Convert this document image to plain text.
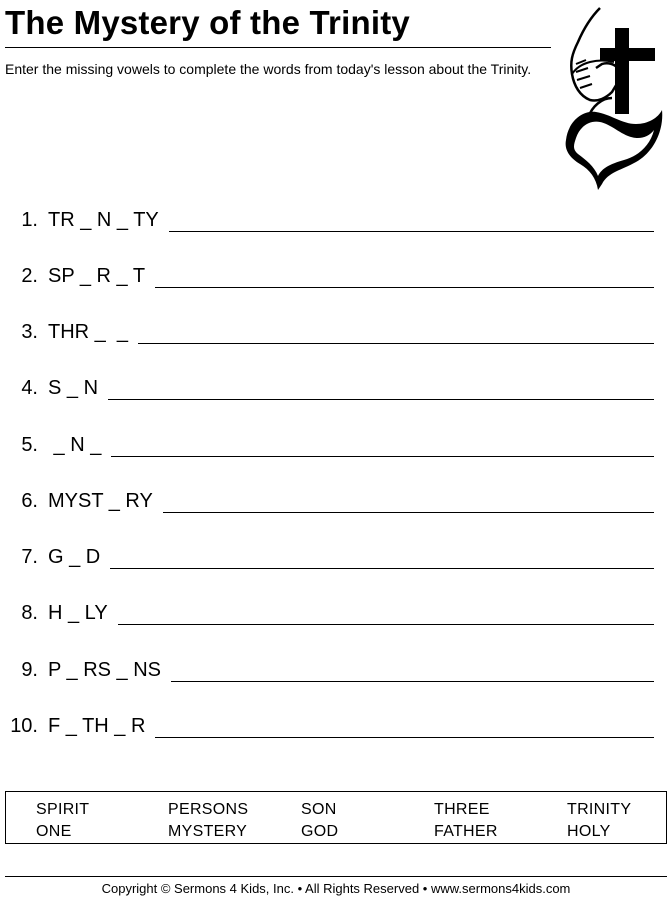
The Mystery of the Trinity
Enter the missing vowels to complete the words from today's lesson about the Trinity.
1. TR _ N _ TY
2. SP _ R _ T
3. THR _  _
4. S _ N
5. _ N _
6. MYST _ RY
7. G _ D
8. H _ LY
9. P _ RS _ NS
10. F _ TH _ R
SPIRIT
ONE
PERSONS
MYSTERY
SON
GOD
THREE
FATHER
TRINITY
HOLY
Copyright © Sermons 4 Kids, Inc. • All Rights Reserved • www.sermons4kids.com
